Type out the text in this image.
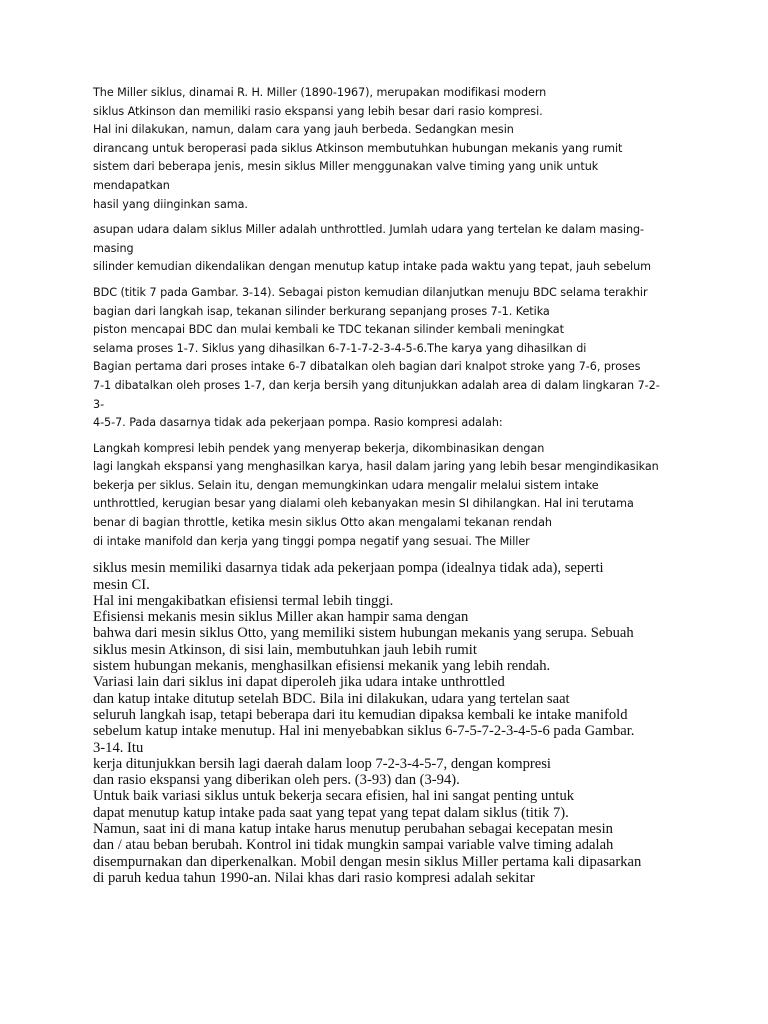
The Miller siklus, dinamai R. H. Miller (1890-1967), merupakan modifikasi modern
siklus Atkinson dan memiliki rasio ekspansi yang lebih besar dari rasio kompresi.
Hal ini dilakukan, namun, dalam cara yang jauh berbeda. Sedangkan mesin
dirancang untuk beroperasi pada siklus Atkinson membutuhkan hubungan mekanis yang rumit
sistem dari beberapa jenis, mesin siklus Miller menggunakan valve timing yang unik untuk
mendapatkan
hasil yang diinginkan sama.
asupan udara dalam siklus Miller adalah unthrottled. Jumlah udara yang tertelan ke dalam masing-
masing
silinder kemudian dikendalikan dengan menutup katup intake pada waktu yang tepat, jauh sebelum
BDC (titik 7 pada Gambar. 3-14). Sebagai piston kemudian dilanjutkan menuju BDC selama terakhir
bagian dari langkah isap, tekanan silinder berkurang sepanjang proses 7-1. Ketika
piston mencapai BDC dan mulai kembali ke TDC tekanan silinder kembali meningkat
selama proses 1-7. Siklus yang dihasilkan 6-7-1-7-2-3-4-5-6.The karya yang dihasilkan di
Bagian pertama dari proses intake 6-7 dibatalkan oleh bagian dari knalpot stroke yang 7-6, proses
7-1 dibatalkan oleh proses 1-7, dan kerja bersih yang ditunjukkan adalah area di dalam lingkaran 7-2-
3-
4-5-7. Pada dasarnya tidak ada pekerjaan pompa. Rasio kompresi adalah:
Langkah kompresi lebih pendek yang menyerap bekerja, dikombinasikan dengan
lagi langkah ekspansi yang menghasilkan karya, hasil dalam jaring yang lebih besar mengindikasikan
bekerja per siklus. Selain itu, dengan memungkinkan udara mengalir melalui sistem intake
unthrottled, kerugian besar yang dialami oleh kebanyakan mesin SI dihilangkan. Hal ini terutama
benar di bagian throttle, ketika mesin siklus Otto akan mengalami tekanan rendah
di intake manifold dan kerja yang tinggi pompa negatif yang sesuai. The Miller
siklus mesin memiliki dasarnya tidak ada pekerjaan pompa (idealnya tidak ada), seperti
mesin CI.
Hal ini mengakibatkan efisiensi termal lebih tinggi.
Efisiensi mekanis mesin siklus Miller akan hampir sama dengan
bahwa dari mesin siklus Otto, yang memiliki sistem hubungan mekanis yang serupa. Sebuah
siklus mesin Atkinson, di sisi lain, membutuhkan jauh lebih rumit
sistem hubungan mekanis, menghasilkan efisiensi mekanik yang lebih rendah.
Variasi lain dari siklus ini dapat diperoleh jika udara intake unthrottled
dan katup intake ditutup setelah BDC. Bila ini dilakukan, udara yang tertelan saat
seluruh langkah isap, tetapi beberapa dari itu kemudian dipaksa kembali ke intake manifold
sebelum katup intake menutup. Hal ini menyebabkan siklus 6-7-5-7-2-3-4-5-6 pada Gambar.
3-14. Itu
kerja ditunjukkan bersih lagi daerah dalam loop 7-2-3-4-5-7, dengan kompresi
dan rasio ekspansi yang diberikan oleh pers. (3-93) dan (3-94).
Untuk baik variasi siklus untuk bekerja secara efisien, hal ini sangat penting untuk
dapat menutup katup intake pada saat yang tepat yang tepat dalam siklus (titik 7).
Namun, saat ini di mana katup intake harus menutup perubahan sebagai kecepatan mesin
dan / atau beban berubah. Kontrol ini tidak mungkin sampai variable valve timing adalah
disempurnakan dan diperkenalkan. Mobil dengan mesin siklus Miller pertama kali dipasarkan
di paruh kedua tahun 1990-an. Nilai khas dari rasio kompresi adalah sekitar
